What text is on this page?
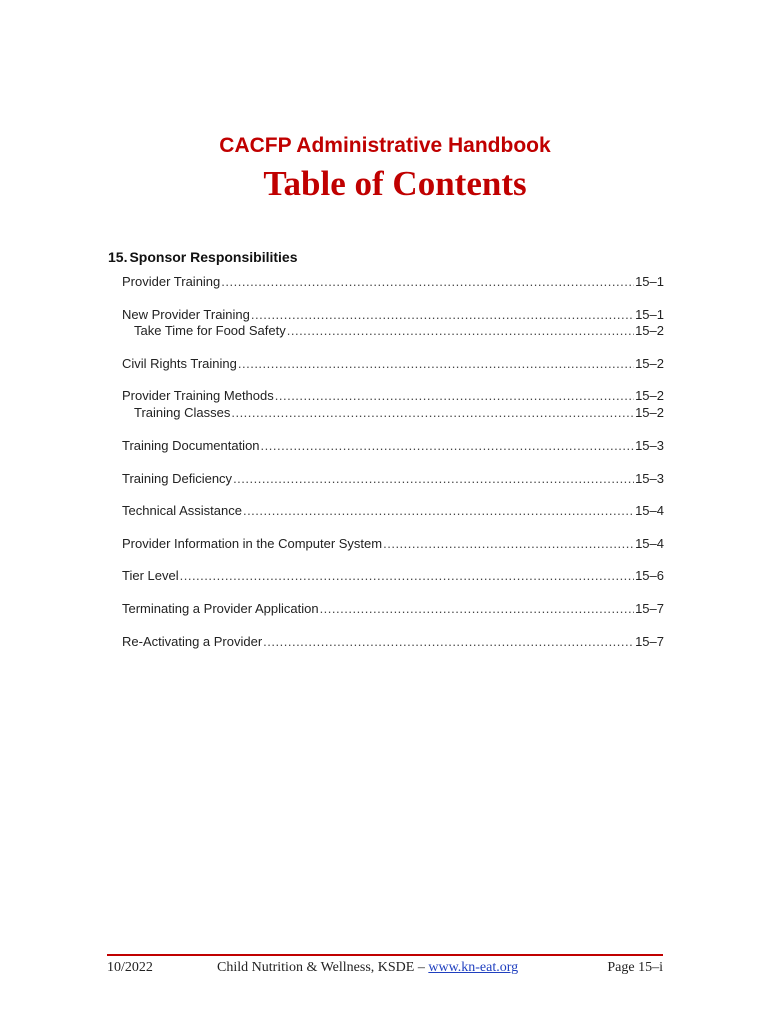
CACFP Administrative Handbook
Table of Contents
15. Sponsor Responsibilities
Provider Training .....	15–1
New Provider Training .....	15–1
Take Time for Food Safety .....	15–2
Civil Rights Training .....	15–2
Provider Training Methods .....	15–2
Training Classes .....	15–2
Training Documentation .....	15–3
Training Deficiency .....	15–3
Technical Assistance .....	15–4
Provider Information in the Computer System .....	15–4
Tier Level .....	15–6
Terminating a Provider Application .....	15–7
Re-Activating a Provider .....	15–7
10/2022	Child Nutrition & Wellness, KSDE – www.kn-eat.org	Page 15–i
